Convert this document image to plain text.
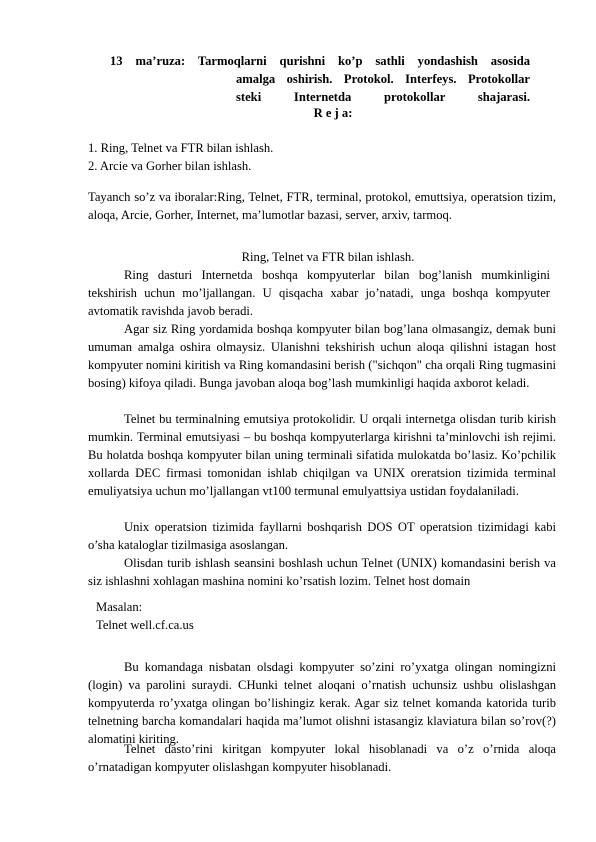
13 ma’ruza: Tarmoqlarni qurishni ko’p sathli yondashish asosida
amalga oshirish. Protokol. Interfeys. Protokollar
steki Internetda protokollar shajarasi.
R e j a:
1. Ring, Telnet va FTR bilan ishlash.
2. Arcie va Gorher bilan ishlash.
Tayanch so’z va iboralar:Ring, Telnet, FTR, terminal, protokol, emuttsiya, operatsion tizim, aloqa, Arcie, Gorher, Internet, ma’lumotlar bazasi, server, arxiv, tarmoq.
Ring, Telnet va FTR bilan ishlash.
Ring dasturi Internetda boshqa kompyuterlar bilan bog’lanish mumkinligini tekshirish uchun mo’ljallangan. U qisqacha xabar jo’natadi, unga boshqa kompyuter avtomatik ravishda javob beradi.
Agar siz Ring yordamida boshqa kompyuter bilan bog’lana olmasangiz, demak buni umuman amalga oshira olmaysiz. Ulanishni tekshirish uchun aloqa qilishni istagan host kompyuter nomini kiritish va Ring komandasini berish ("sichqon" cha orqali Ring tugmasini bosing) kifoya qiladi. Bunga javoban aloqa bog’lash mumkinligi haqida axborot keladi.
Telnet bu terminalning emutsiya protokolidir. U orqali internetga olisdan turib kirish mumkin. Terminal emutsiyasi – bu boshqa kompyuterlarga kirishni ta’minlovchi ish rejimi. Bu holatda boshqa kompyuter bilan uning terminali sifatida mulokatda bo’lasiz. Ko’pchilik xollarda DEC firmasi tomonidan ishlab chiqilgan va UNIX oreratsion tizimida terminal emuliyatsiya uchun mo’ljallangan vt100 termunal emulyattsiya ustidan foydalaniladi.
Unix operatsion tizimida fayllarni boshqarish DOS OT operatsion tizimidagi kabi o’sha kataloglar tizilmasiga asoslangan.
Olisdan turib ishlash seansini boshlash uchun Telnet (UNIX) komandasini berish va siz ishlashni xohlagan mashina nomini ko’rsatish lozim. Telnet host domain
Masalan:
Telnet well.cf.ca.us
Bu komandaga nisbatan olsdagi kompyuter so’zini ro’yxatga olingan nomingizni (login) va parolini suraydi. CHunki telnet aloqani o’rnatish uchunsiz ushbu olislashgan kompyuterda ro’yxatga olingan bo’lishingiz kerak. Agar siz telnet komanda katorida turib telnetning barcha komandalari haqida ma’lumot olishni istasangiz klaviatura bilan so’rov(?) alomatini kiriting.
Telnet dasto’rini kiritgan kompyuter lokal hisoblanadi va o’z o’rnida aloqa o’rnatadigan kompyuter olislashgan kompyuter hisoblanadi.
